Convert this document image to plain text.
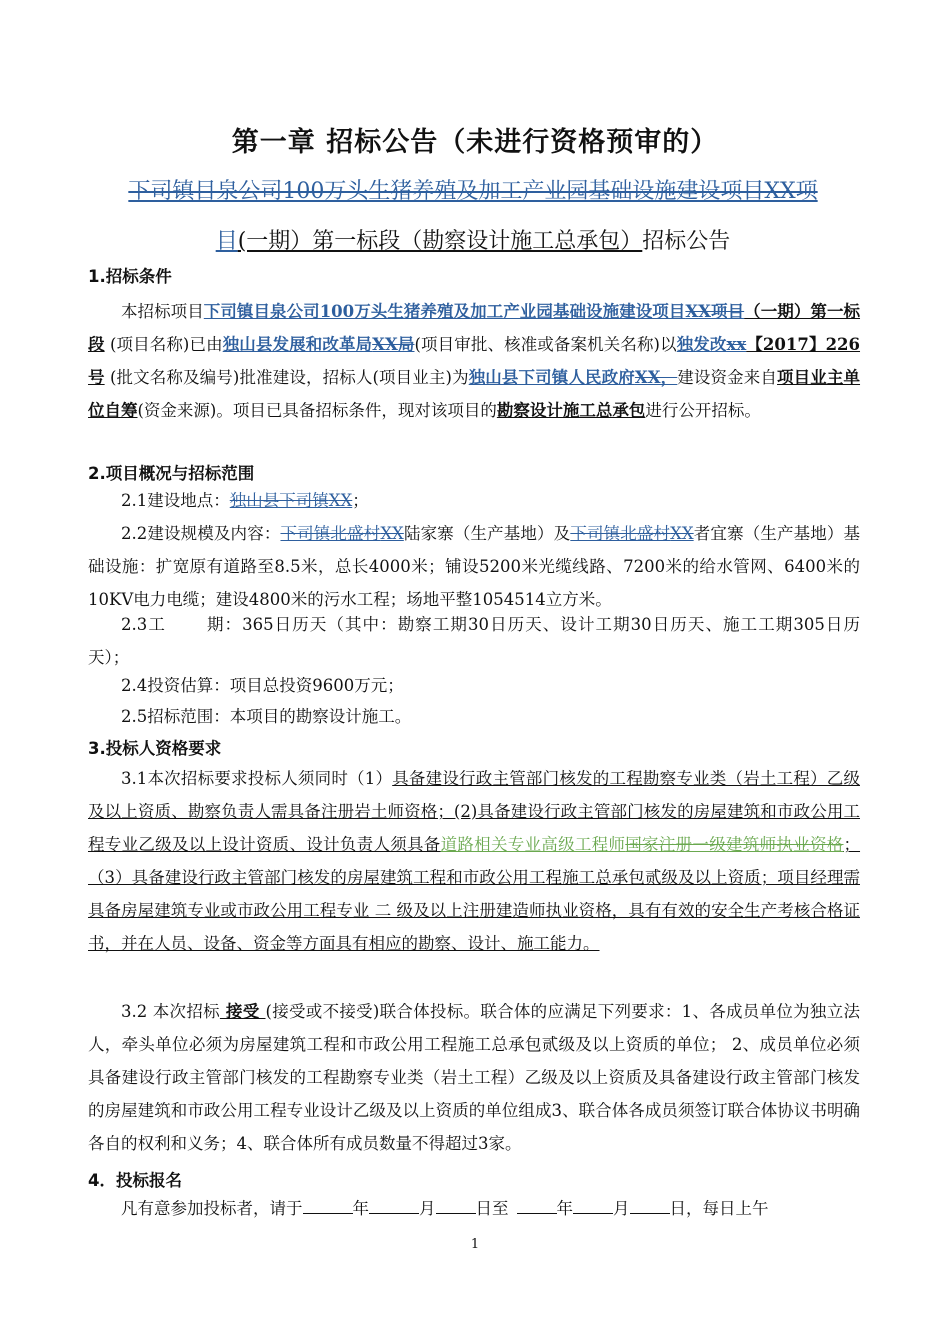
第一章 招标公告（未进行资格预审的）
下司镇目泉公司100万头生猪养殖及加工产业园基础设施建设项目XX项
目(一期）第一标段（勘察设计施工总承包）招标公告
1.招标条件
本招标项目下司镇目泉公司100万头生猪养殖及加工产业园基础设施建设项目XX项目（一期）第一标段 (项目名称)已由独山县发展和改革局XX局(项目审批、核准或备案机关名称)以独发改xx【2017】226号 (批文名称及编号)批准建设，招标人(项目业主)为独山县下司镇人民政府XX，建设资金来自项目业主单位自筹(资金来源)。项目已具备招标条件，现对该项目的勘察设计施工总承包进行公开招标。
2.项目概况与招标范围
2.1建设地点：独山县下司镇XX；
2.2建设规模及内容：下司镇北盛村XX陆家寨（生产基地）及下司镇北盛村XX者宜寨（生产基地）基础设施：扩宽原有道路至8.5米，总长4000米；铺设5200米光缆线路、7200米的给水管网、6400米的10KV电力电缆；建设4800米的污水工程；场地平整1054514立方米。
2.3工 期：365日历天（其中：勘察工期30日历天、设计工期30日历天、施工工期305日历天）；
2.4投资估算：项目总投资9600万元；
2.5招标范围：本项目的勘察设计施工。
3.投标人资格要求
3.1本次招标要求投标人须同时（1）具备建设行政主管部门核发的工程勘察专业类（岩土工程）乙级及以上资质、勘察负责人需具备注册岩土师资格；(2)具备建设行政主管部门核发的房屋建筑和市政公用工程专业乙级及以上设计资质、设计负责人须具备道路相关专业高级工程师国家注册一级建筑师执业资格；（3）具备建设行政主管部门核发的房屋建筑工程和市政公用工程施工总承包贰级及以上资质；项目经理需具备房屋建筑专业或市政公用工程专业 二 级及以上注册建造师执业资格，具有有效的安全生产考核合格证书，并在人员、设备、资金等方面具有相应的勘察、设计、施工能力。
3.2 本次招标 接受 (接受或不接受)联合体投标。联合体的应满足下列要求：1、各成员单位为独立法人，牵头单位必须为房屋建筑工程和市政公用工程施工总承包贰级及以上资质的单位； 2、成员单位必须具备建设行政主管部门核发的工程勘察专业类（岩土工程）乙级及以上资质及具备建设行政主管部门核发的房屋建筑和市政公用工程专业设计乙级及以上资质的单位组成3、联合体各成员须签订联合体协议书明确各自的权利和义务；4、联合体所有成员数量不得超过3家。
4．投标报名
凡有意参加投标者，请于	年	月 日至	年 月 日，每日上午
1
